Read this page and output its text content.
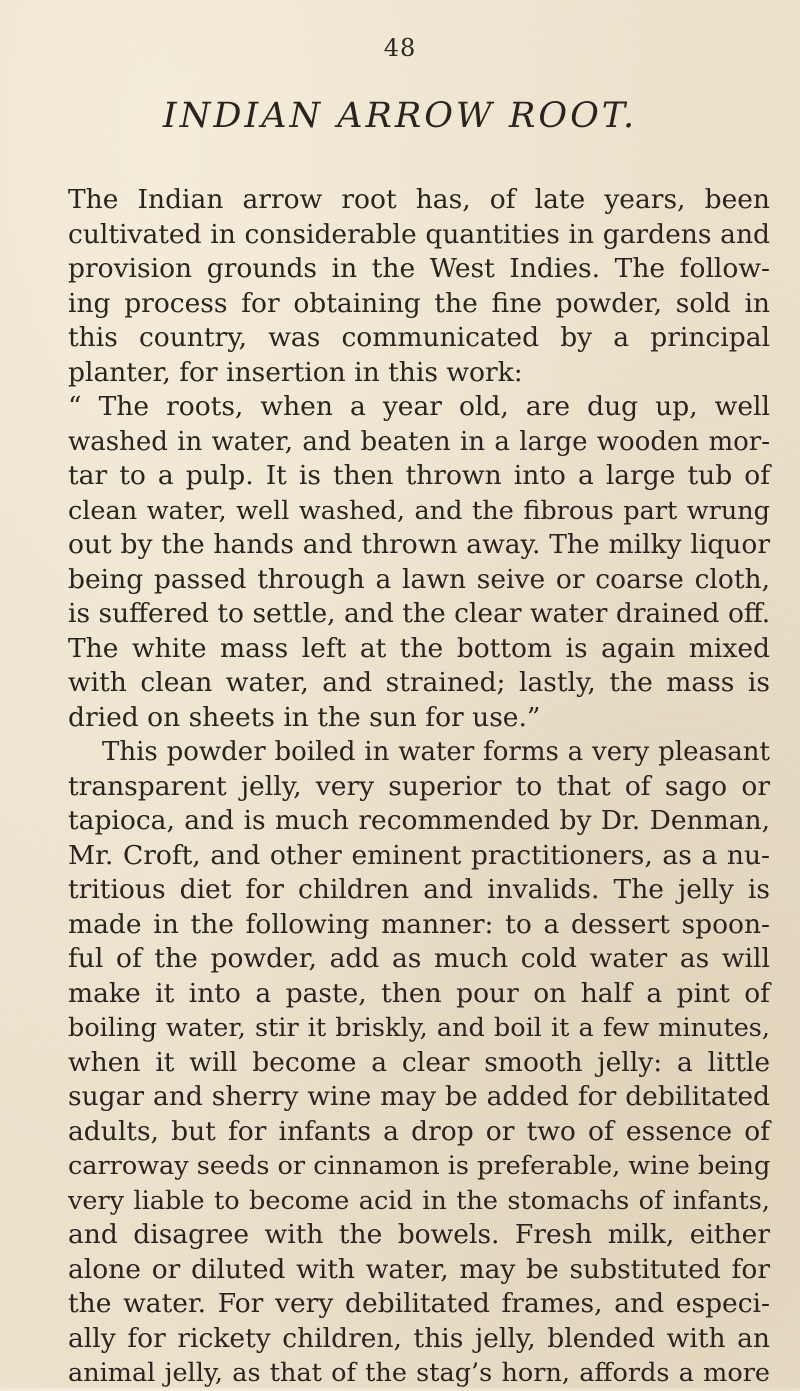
48
INDIAN ARROW ROOT.
The Indian arrow root has, of late years, been
cultivated in considerable quantities in gardens and
provision grounds in the West Indies. The follow-
ing process for obtaining the fine powder, sold in
this country, was communicated by a principal
planter, for insertion in this work:
“ The roots, when a year old, are dug up, well
washed in water, and beaten in a large wooden mor-
tar to a pulp. It is then thrown into a large tub of
clean water, well washed, and the fibrous part wrung
out by the hands and thrown away. The milky liquor
being passed through a lawn seive or coarse cloth,
is suffered to settle, and the clear water drained off.
The white mass left at the bottom is again mixed
with clean water, and strained; lastly, the mass is
dried on sheets in the sun for use.”
This powder boiled in water forms a very pleasant
transparent jelly, very superior to that of sago or
tapioca, and is much recommended by Dr. Denman,
Mr. Croft, and other eminent practitioners, as a nu-
tritious diet for children and invalids. The jelly is
made in the following manner: to a dessert spoon-
ful of the powder, add as much cold water as will
make it into a paste, then pour on half a pint of
boiling water, stir it briskly, and boil it a few minutes,
when it will become a clear smooth jelly: a little
sugar and sherry wine may be added for debilitated
adults, but for infants a drop or two of essence of
carroway seeds or cinnamon is preferable, wine being
very liable to become acid in the stomachs of infants,
and disagree with the bowels. Fresh milk, either
alone or diluted with water, may be substituted for
the water. For very debilitated frames, and especi-
ally for rickety children, this jelly, blended with an
animal jelly, as that of the stag’s horn, affords a more
